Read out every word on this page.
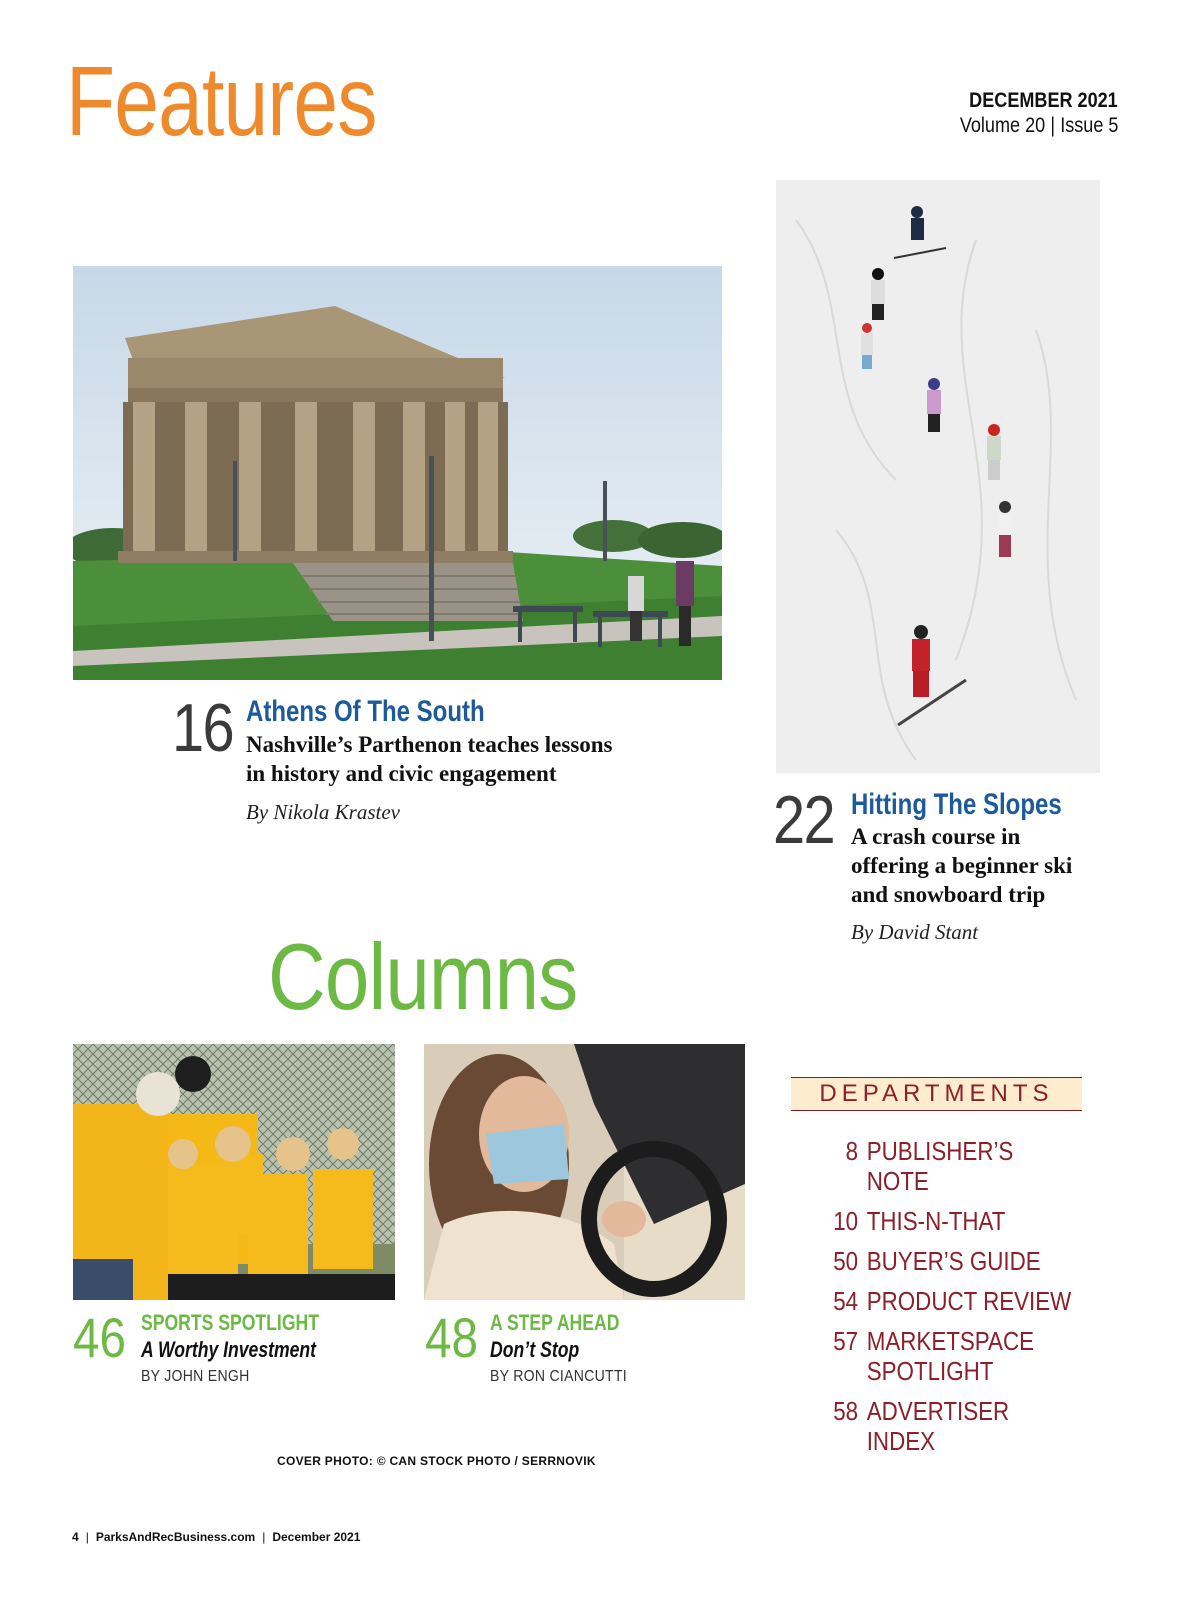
Features	DECEMBER 2021
Volume 20 | Issue 5
16 Athens Of The South
Nashville’s Parthenon teaches lessons in history and civic engagement
By Nikola Krastev	22 Hitting The Slopes
A crash course in offering a beginner ski and snowboard trip
By David Stant
Columns
46 SPORTS SPOTLIGHT
A Worthy Investment
BY JOHN ENGH
48 A STEP AHEAD
Don’t Stop
BY RON CIANCUTTI
DEPARTMENTS
8 PUBLISHER’S NOTE
10 THIS-N-THAT
50 BUYER’S GUIDE
54 PRODUCT REVIEW
57 MARKETSPACE
SPOTLIGHT
58 ADVERTISER INDEX
COVER PHOTO: © CAN STOCK PHOTO / SERRNOVIK
4 | ParksAndRecBusiness.com | December 2021
